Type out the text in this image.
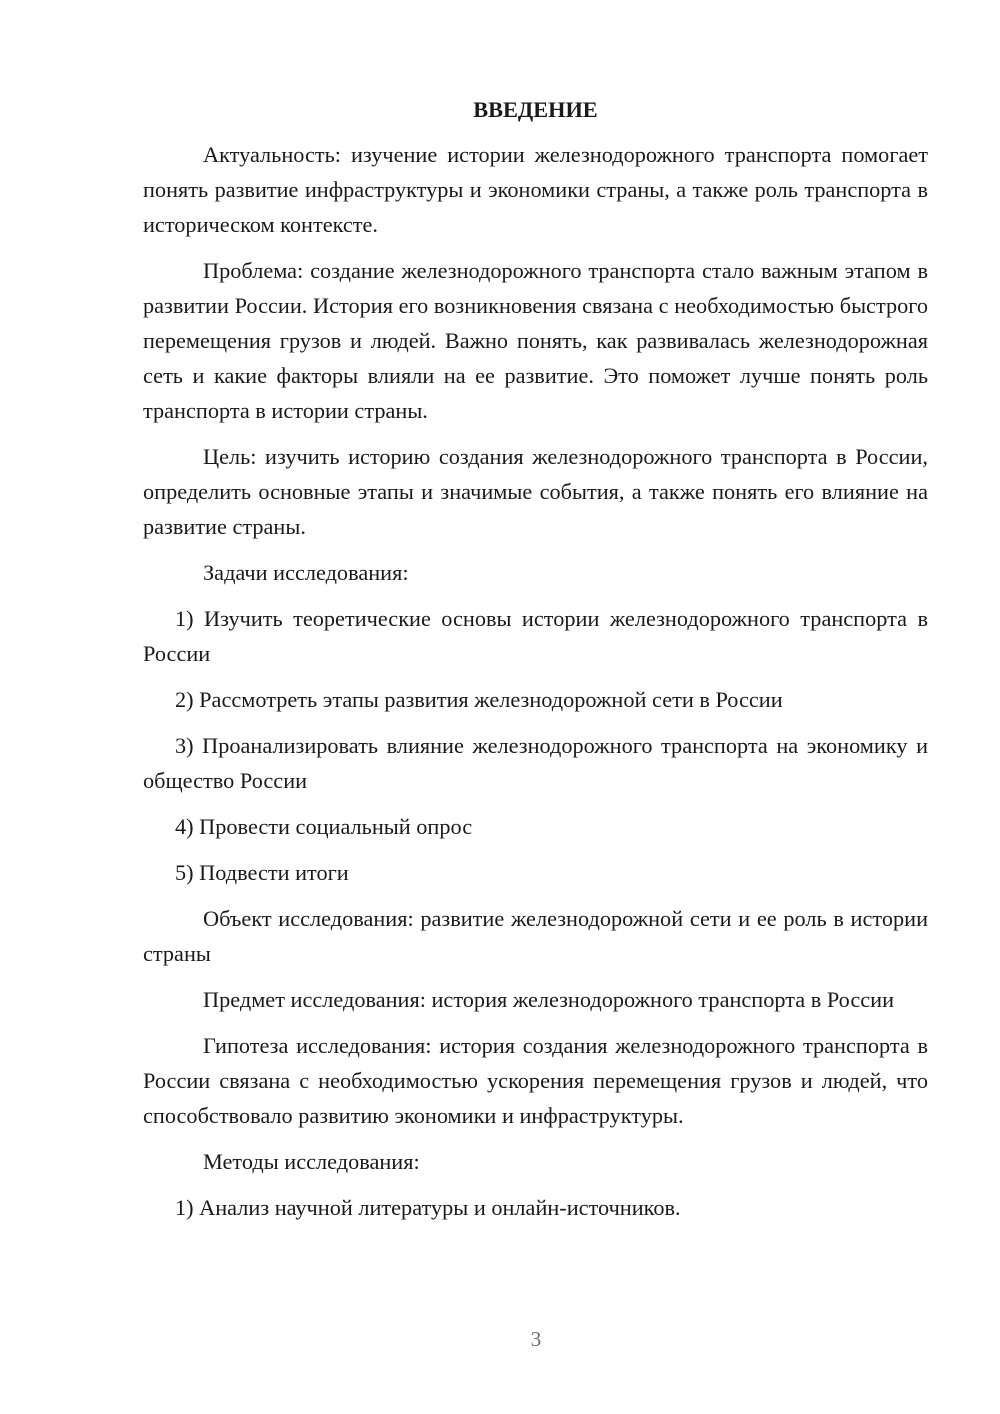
ВВЕДЕНИЕ

Актуальность: изучение истории железнодорожного транспорта помогает понять развитие инфраструктуры и экономики страны, а также роль транспорта в историческом контексте.

Проблема: создание железнодорожного транспорта стало важным этапом в развитии России. История его возникновения связана с необходимостью быстрого перемещения грузов и людей. Важно понять, как развивалась железнодорожная сеть и какие факторы влияли на ее развитие. Это поможет лучше понять роль транспорта в истории страны.

Цель: изучить историю создания железнодорожного транспорта в России, определить основные этапы и значимые события, а также понять его влияние на развитие страны.

Задачи исследования:

1) Изучить теоретические основы истории железнодорожного транспорта в России

2) Рассмотреть этапы развития железнодорожной сети в России

3) Проанализировать влияние железнодорожного транспорта на экономику и общество России

4) Провести социальный опрос

5) Подвести итоги

Объект исследования: развитие железнодорожной сети и ее роль в истории страны

Предмет исследования: история железнодорожного транспорта в России

Гипотеза исследования: история создания железнодорожного транспорта в России связана с необходимостью ускорения перемещения грузов и людей, что способствовало развитию экономики и инфраструктуры.

Методы исследования:

1) Анализ научной литературы и онлайн-источников.

3
